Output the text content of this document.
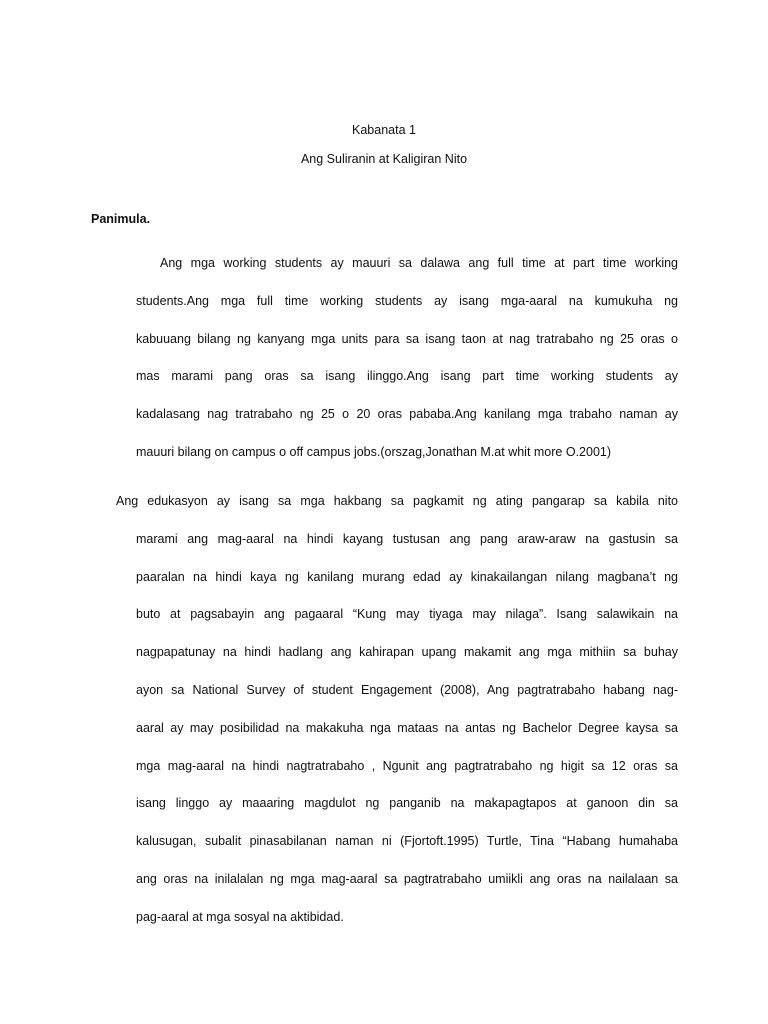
Kabanata 1
Ang Suliranin at Kaligiran Nito
Panimula.
Ang mga working students ay mauuri sa dalawa ang full time at part time working
students.Ang mga full time working students ay isang mga-aaral na kumukuha ng
kabuuang bilang ng kanyang mga units para sa isang taon at nag tratrabaho ng 25 oras o
mas marami pang oras sa isang ilinggo.Ang isang part time working students ay
kadalasang nag tratrabaho ng 25 o 20 oras pababa.Ang kanilang mga trabaho naman ay
mauuri bilang on campus o off campus jobs.(orszag,Jonathan M.at whit more O.2001)
Ang edukasyon ay isang sa mga hakbang sa pagkamit ng ating pangarap sa kabila nito
marami ang mag-aaral na hindi kayang tustusan ang pang araw-araw na gastusin sa
paaralan na hindi kaya ng kanilang murang edad ay kinakailangan nilang magbana’t ng
buto at pagsabayin ang pagaaral “Kung may tiyaga may nilaga”. Isang salawikain na
nagpapatunay na hindi hadlang ang kahirapan upang makamit ang mga mithiin sa buhay
ayon sa National Survey of student Engagement (2008), Ang pagtratrabaho habang nag-
aaral ay may posibilidad na makakuha nga mataas na antas ng Bachelor Degree kaysa sa
mga mag-aaral na hindi nagtratrabaho , Ngunit ang pagtratrabaho ng higit sa 12 oras sa
isang linggo ay maaaring magdulot ng panganib na makapagtapos at ganoon din sa
kalusugan, subalit pinasabilanan naman ni (Fjortoft.1995) Turtle, Tina “Habang humahaba
ang oras na inilalalan ng mga mag-aaral sa pagtratrabaho umiikli ang oras na nailalaan sa
pag-aaral at mga sosyal na aktibidad.
